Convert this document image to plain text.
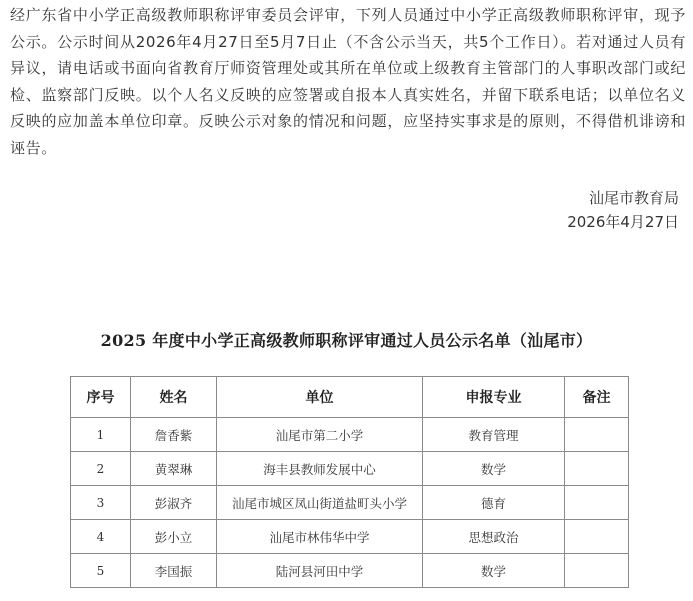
经广东省中小学正高级教师职称评审委员会评审，下列人员通过中小学正高级教师职称评审，现予公示。公示时间从2026年4月27日至5月7日止（不含公示当天，共5个工作日）。若对通过人员有异议，请电话或书面向省教育厅师资管理处或其所在单位或上级教育主管部门的人事职改部门或纪检、监察部门反映。以个人名义反映的应签署或自报本人真实姓名，并留下联系电话；以单位名义反映的应加盖本单位印章。反映公示对象的情况和问题，应坚持实事求是的原则，不得借机诽谤和诬告。

汕尾市教育局
2026年4月27日
2025 年度中小学正高级教师职称评审通过人员公示名单（汕尾市）
序号	姓名	单位	申报专业	备注
1	詹香紫	汕尾市第二小学	教育管理	
2	黄翠琳	海丰县教师发展中心	数学	
3	彭淑齐	汕尾市城区凤山街道盐町头小学	德育	
4	彭小立	汕尾市林伟华中学	思想政治	
5	李国振	陆河县河田中学	数学	
